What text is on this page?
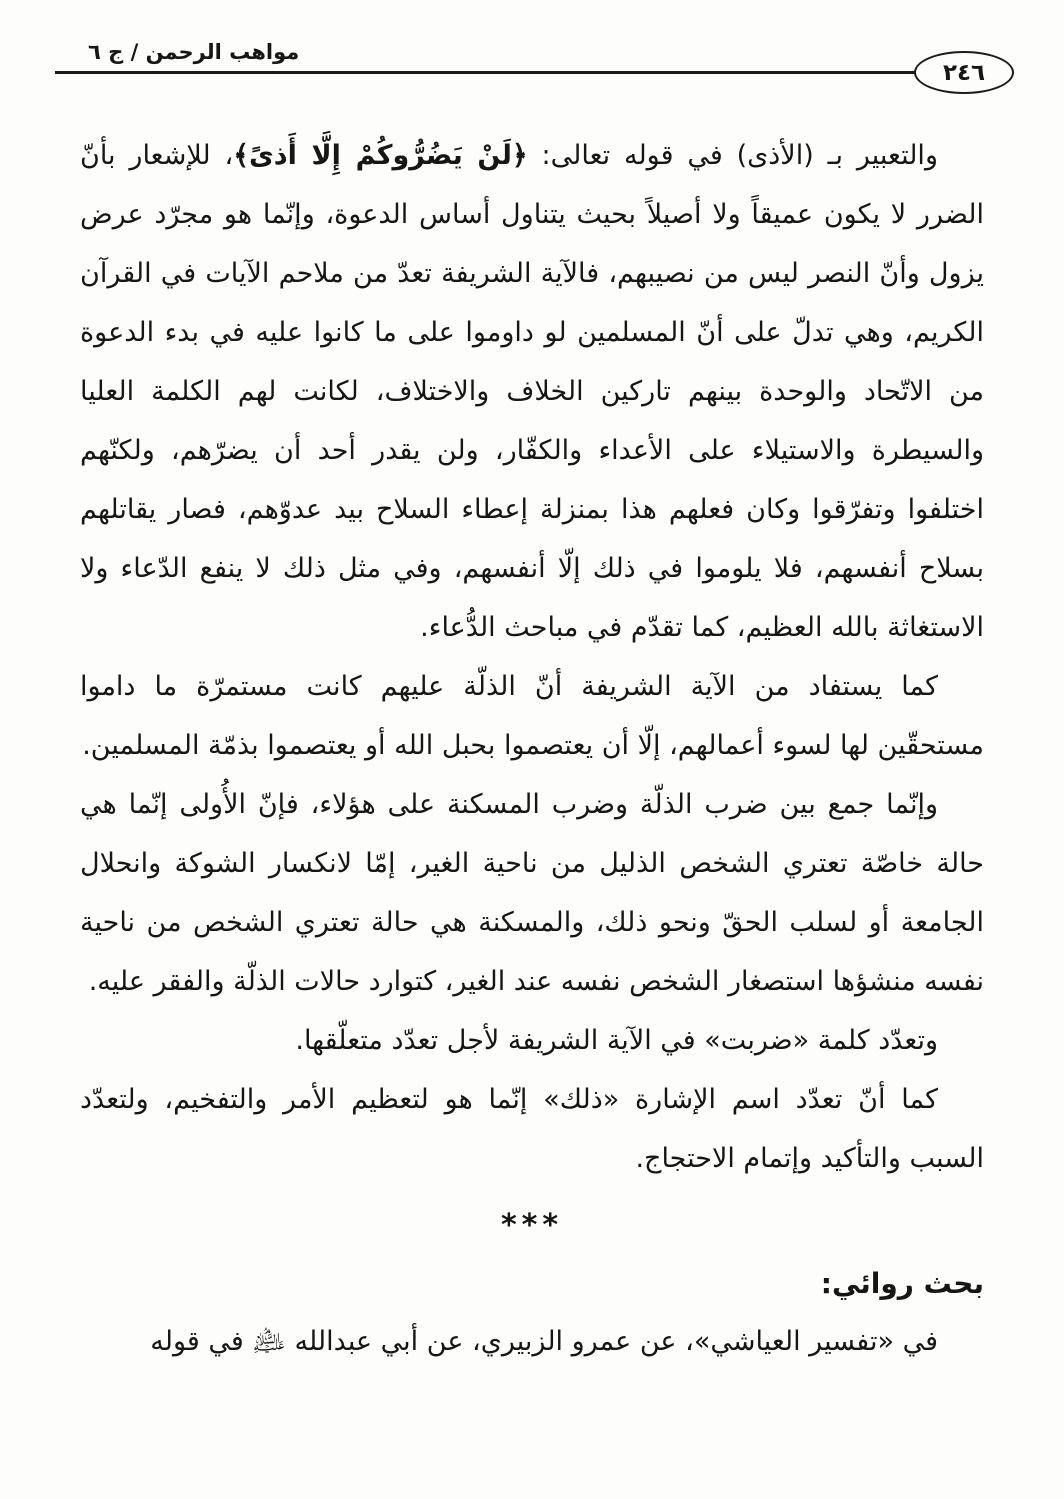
مواهب الرحمن / ج ٦
٢٤٦

والتعبير بـ (الأذى) في قوله تعالى: ﴿لَنْ يَضُرُّوكُمْ إِلَّا أَذىً﴾، للإشعار بأنّ الضرر لا يكون عميقاً ولا أصيلاً بحيث يتناول أساس الدعوة، وإنّما هو مجرّد عرض يزول وأنّ النصر ليس من نصيبهم، فالآية الشريفة تعدّ من ملاحم الآيات في القرآن الكريم، وهي تدلّ على أنّ المسلمين لو داوموا على ما كانوا عليه في بدء الدعوة من الاتّحاد والوحدة بينهم تاركين الخلاف والاختلاف، لكانت لهم الكلمة العليا والسيطرة والاستيلاء على الأعداء والكفّار، ولن يقدر أحد أن يضرّهم، ولكنّهم اختلفوا وتفرّقوا وكان فعلهم هذا بمنزلة إعطاء السلاح بيد عدوّهم، فصار يقاتلهم بسلاح أنفسهم، فلا يلوموا في ذلك إلّا أنفسهم، وفي مثل ذلك لا ينفع الدّعاء ولا الاستغاثة بالله العظيم، كما تقدّم في مباحث الدُّعاء.

كما يستفاد من الآية الشريفة أنّ الذلّة عليهم كانت مستمرّة ما داموا مستحقّين لها لسوء أعمالهم، إلّا أن يعتصموا بحبل الله أو يعتصموا بذمّة المسلمين.

وإنّما جمع بين ضرب الذلّة وضرب المسكنة على هؤلاء، فإنّ الأُولى إنّما هي حالة خاصّة تعتري الشخص الذليل من ناحية الغير، إمّا لانكسار الشوكة وانحلال الجامعة أو لسلب الحقّ ونحو ذلك، والمسكنة هي حالة تعتري الشخص من ناحية نفسه منشؤها استصغار الشخص نفسه عند الغير، كتوارد حالات الذلّة والفقر عليه.

وتعدّد كلمة «ضربت» في الآية الشريفة لأجل تعدّد متعلّقها.

كما أنّ تعدّد اسم الإشارة «ذلك» إنّما هو لتعظيم الأمر والتفخيم، ولتعدّد السبب والتأكيد وإتمام الاحتجاج.

***
بحث روائي:

في «تفسير العياشي»، عن عمرو الزبيري، عن أبي عبدالله ﵇ في قوله
